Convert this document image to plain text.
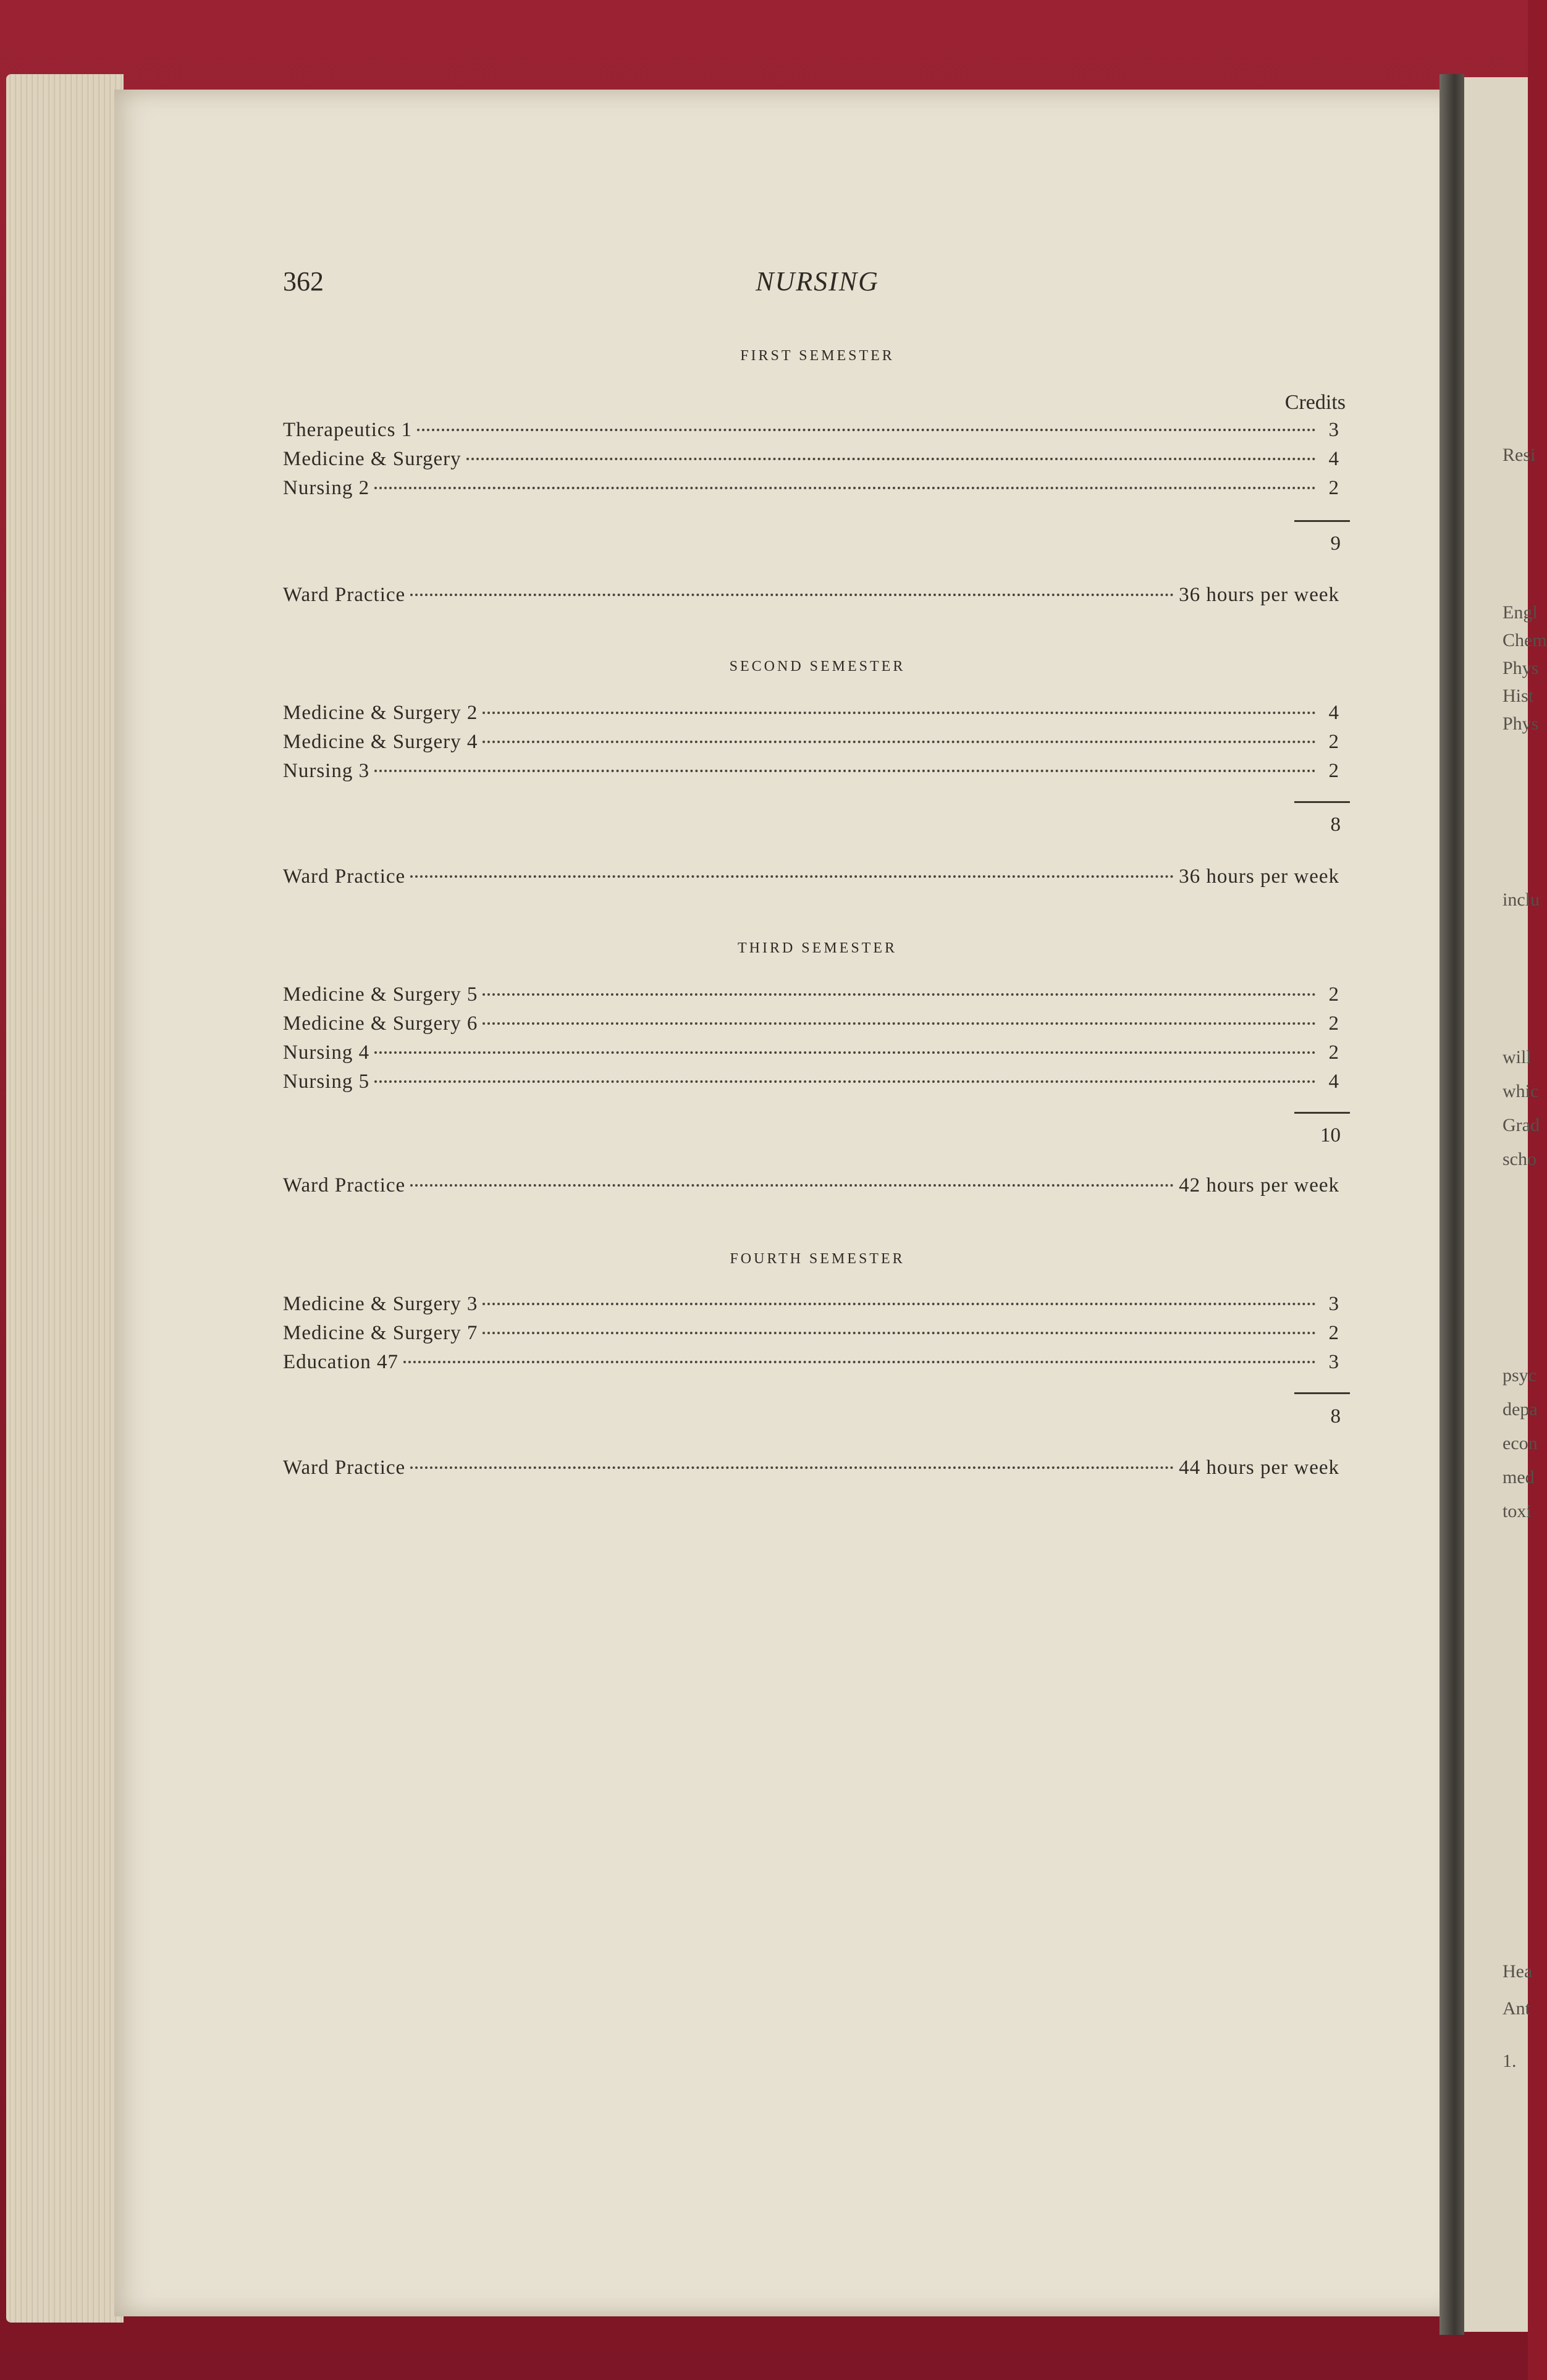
Resi
Engl
Chem
Phys
Hist
Phys
inclu
will
whic
Grad
scho
psyc
depa
econ
med
toxi
Hea
Ant
1.
362	NURSING
FIRST SEMESTER
Credits
Therapeutics 1	3
Medicine & Surgery	4
Nursing 2	2
9
Ward Practice	36 hours per week
SECOND SEMESTER
Medicine & Surgery 2	4
Medicine & Surgery 4	2
Nursing 3	2
8
Ward Practice	36 hours per week
THIRD SEMESTER
Medicine & Surgery 5	2
Medicine & Surgery 6	2
Nursing 4	2
Nursing 5	4
10
Ward Practice	42 hours per week
FOURTH SEMESTER
Medicine & Surgery 3	3
Medicine & Surgery 7	2
Education 47	3
8
Ward Practice	44 hours per week
